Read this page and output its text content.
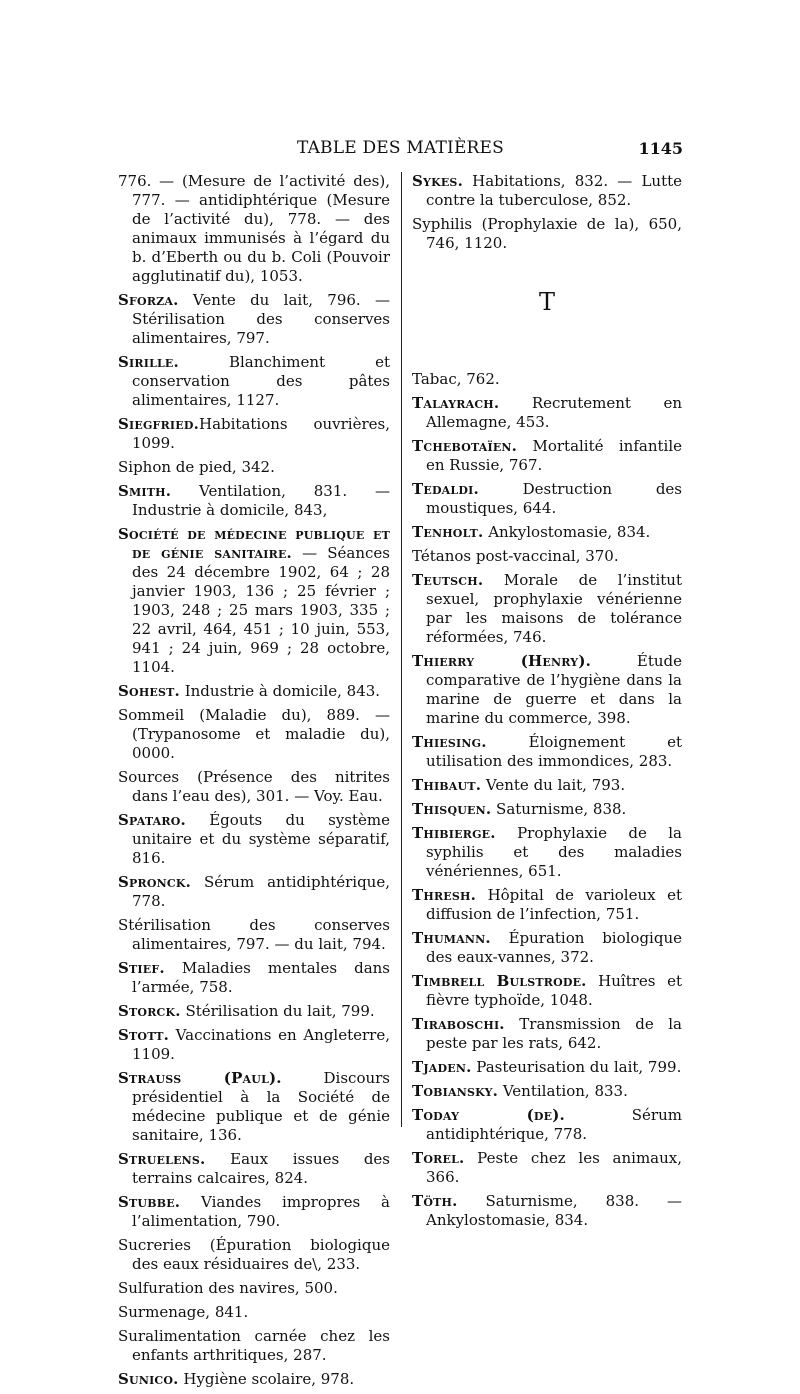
TABLE DES MATIÈRES	1145

776. — (Mesure de l’activité des), 777. — antidiphtérique (Mesure de l’activité du), 778. — des animaux immunisés à l’égard du b. d’Eberth ou du b. Coli (Pouvoir agglutinatif du), 1053.

Sforza. Vente du lait, 796. — Stérilisation des conserves alimentaires, 797.

Sirille. Blanchiment et conservation des pâtes alimentaires, 1127.

Siegfried.Habitations ouvrières, 1099.

Siphon de pied, 342.

Smith. Ventilation, 831. — Industrie à domicile, 843,

Société de médecine publique et de génie sanitaire. — Séances des 24 décembre 1902, 64 ; 28 janvier 1903, 136 ; 25 février ; 1903, 248 ; 25 mars 1903, 335 ; 22 avril, 464, 451 ; 10 juin, 553, 941 ; 24 juin, 969 ; 28 octobre, 1104.

Sohest. Industrie à domicile, 843.

Sommeil (Maladie du), 889. — (Trypanosome et maladie du), 0000.

Sources (Présence des nitrites dans l’eau des), 301. — Voy. Eau.

Spataro. Égouts du système unitaire et du système séparatif, 816.

Spronck. Sérum antidiphtérique, 778.

Stérilisation des conserves alimentaires, 797. — du lait, 794.

Stief. Maladies mentales dans l’armée, 758.

Storck. Stérilisation du lait, 799.

Stott. Vaccinations en Angleterre, 1109.

Strauss (Paul). Discours présidentiel à la Société de médecine publique et de génie sanitaire, 136.

Struelens. Eaux issues des terrains calcaires, 824.

Stubbe. Viandes impropres à l’alimentation, 790.

Sucreries (Épuration biologique des eaux résiduaires de\, 233.

Sulfuration des navires, 500.

Surmenage, 841.

Suralimentation carnée chez les enfants arthritiques, 287.

Sunico. Hygiène scolaire, 978.

Sykes. Habitations, 832. — Lutte contre la tuberculose, 852.

Syphilis (Prophylaxie de la), 650, 746, 1120.

T

Tabac, 762.

Talayrach. Recrutement en Allemagne, 453.

Tchebotaïen. Mortalité infantile en Russie, 767.

Tedaldi. Destruction des moustiques, 644.

Tenholt. Ankylostomasie, 834.

Tétanos post-vaccinal, 370.

Teutsch. Morale de l’institut sexuel, prophylaxie vénérienne par les maisons de tolérance réformées, 746.

Thierry (Henry). Étude comparative de l’hygiène dans la marine de guerre et dans la marine du commerce, 398.

Thiesing. Éloignement et utilisation des immondices, 283.

Thibaut. Vente du lait, 793.

Thisquen. Saturnisme, 838.

Thibierge. Prophylaxie de la syphilis et des maladies vénériennes, 651.

Thresh. Hôpital de varioleux et diffusion de l’infection, 751.

Thumann. Épuration biologique des eaux-vannes, 372.

Timbrell Bulstrode. Huîtres et fièvre typhoïde, 1048.

Tiraboschi. Transmission de la peste par les rats, 642.

Tjaden. Pasteurisation du lait, 799.

Tobiansky. Ventilation, 833.

Today (de). Sérum antidiphtérique, 778.

Torel. Peste chez les animaux, 366.

Töth. Saturnisme, 838. — Ankylostomasie, 834.
